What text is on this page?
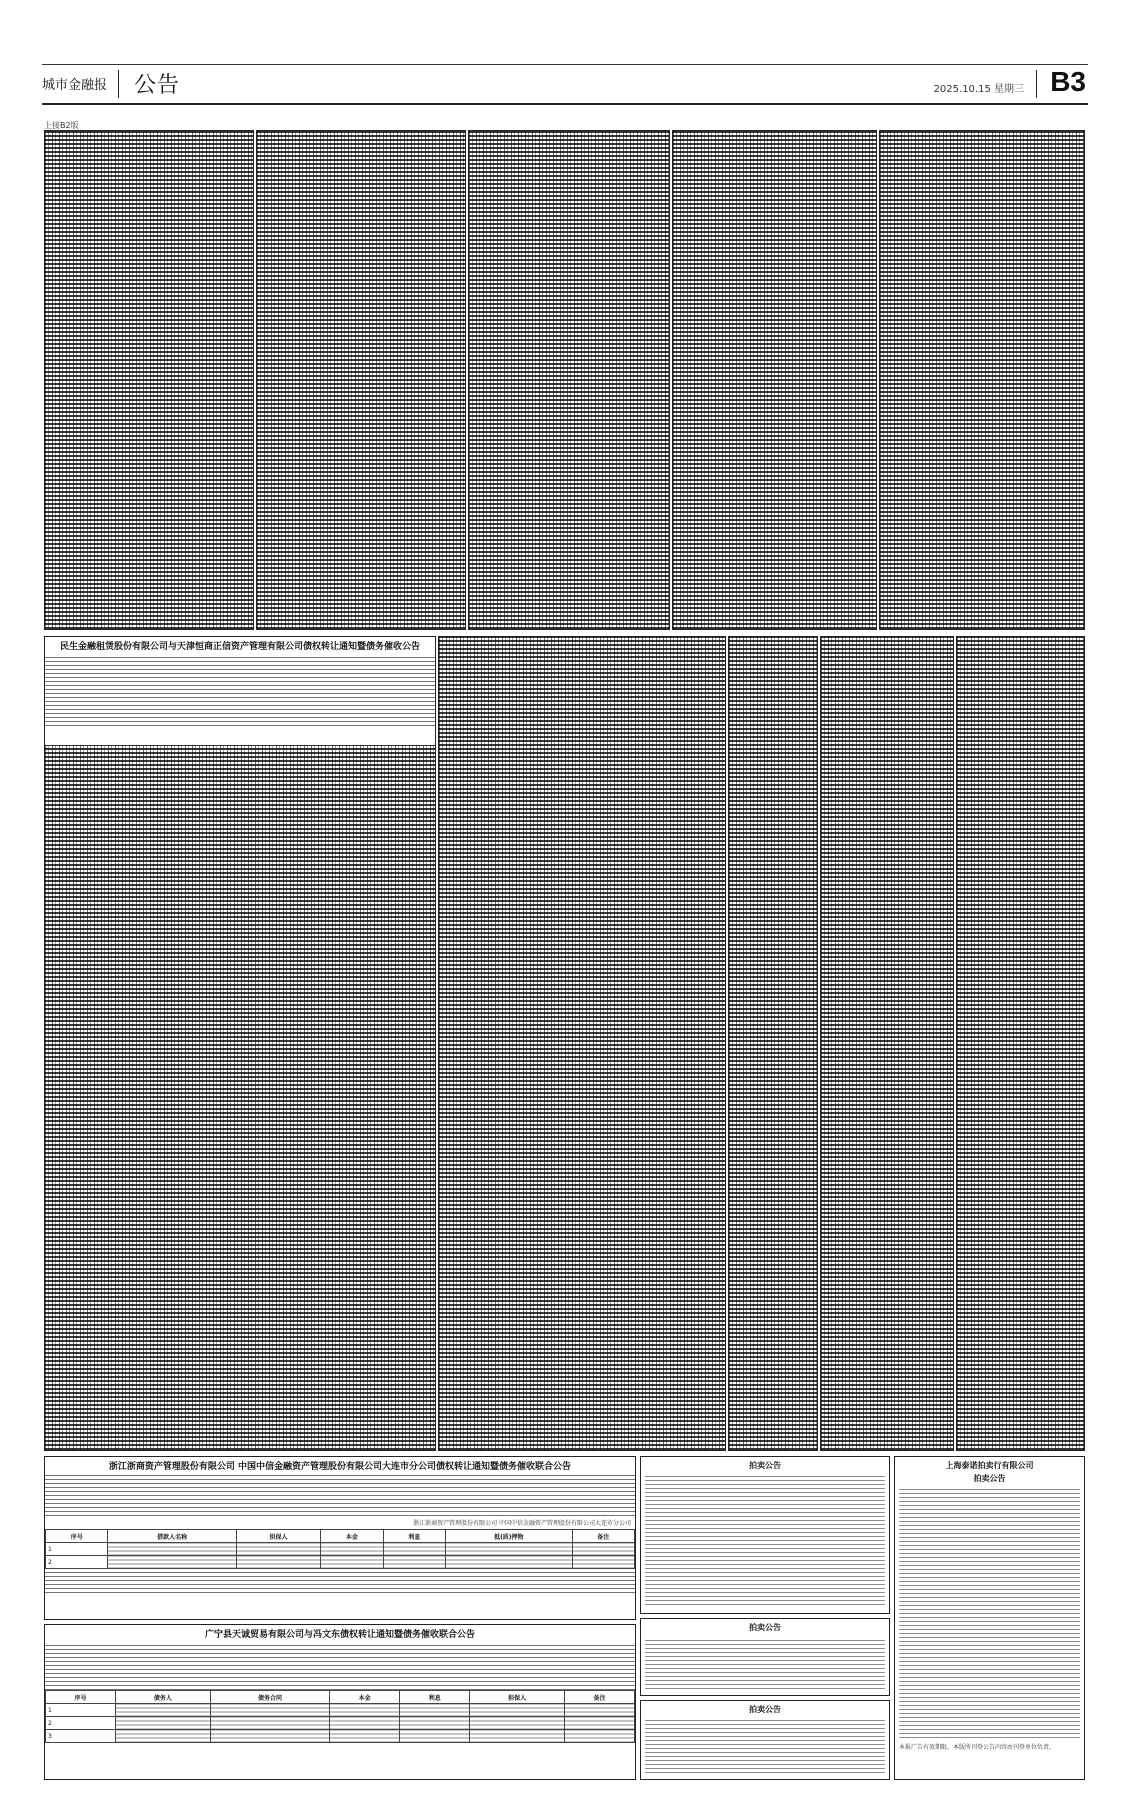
城市金融报 公告	2025.10.15 星期三 B3
上接B2版
民生金融租赁股份有限公司与天津恒商正信资产管理有限公司债权转让通知暨债务催收公告
浙江浙商资产管理股份有限公司 中国中信金融资产管理股份有限公司大连市分公司债权转让通知暨债务催收联合公告
浙江浙商资产管理股份有限公司 中国中信金融资产管理股份有限公司大连市分公司
序号	借款人名称	担保人	本金	利息	抵(质)押物	备注
1						
2						
广宁县天诚贸易有限公司与冯文东债权转让通知暨债务催收联合公告
序号	债务人	债务合同	本金	利息	担保人	备注
1						
2						
3						
拍卖公告
拍卖公告
拍卖公告
上海泰诺拍卖行有限公司
拍卖公告
本报广告有效期限。本版所刊登公告内容由刊登单位负责。
